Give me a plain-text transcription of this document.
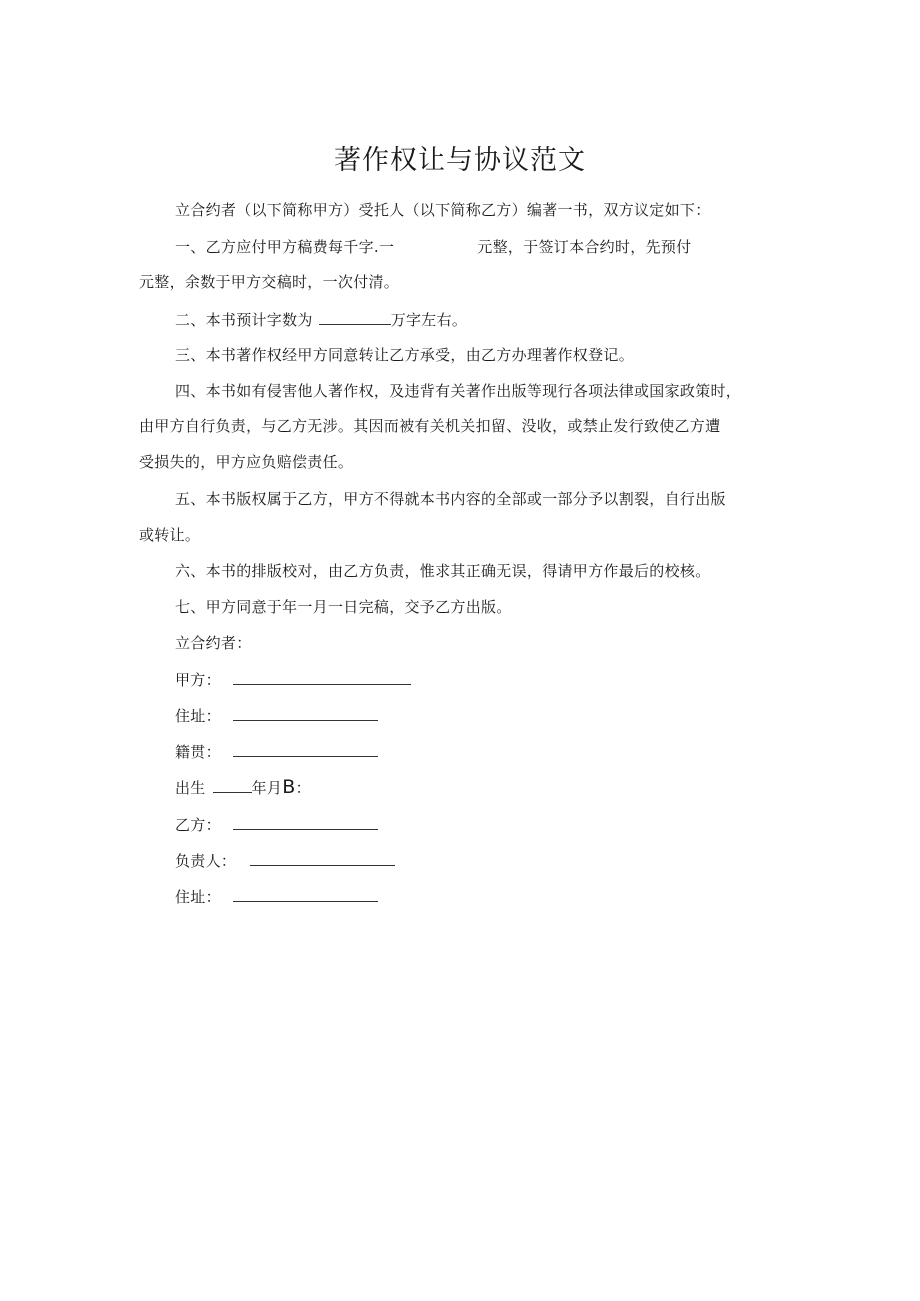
著作权让与协议范文
立合约者（以下简称甲方）受托人（以下简称乙方）编著一书，双方议定如下：
一、乙方应付甲方稿费每千字.一	元整，于签订本合约时，先预付
元整，余数于甲方交稿时，一次付清。
二、本书预计字数为	万字左右。
三、本书著作权经甲方同意转让乙方承受，由乙方办理著作权登记。
四、本书如有侵害他人著作权，及违背有关著作出版等现行各项法律或国家政策时，
由甲方自行负责，与乙方无涉。其因而被有关机关扣留、没收，或禁止发行致使乙方遭
受损失的，甲方应负赔偿责任。
五、本书版权属于乙方，甲方不得就本书内容的全部或一部分予以割裂，自行出版
或转让。
六、本书的排版校对，由乙方负责，惟求其正确无误，得请甲方作最后的校核。
七、甲方同意于年一月一日完稿，交予乙方出版。
立合约者：
甲方：
住址：
籍贯：
出生	年月B：
乙方：
负责人：
住址：
